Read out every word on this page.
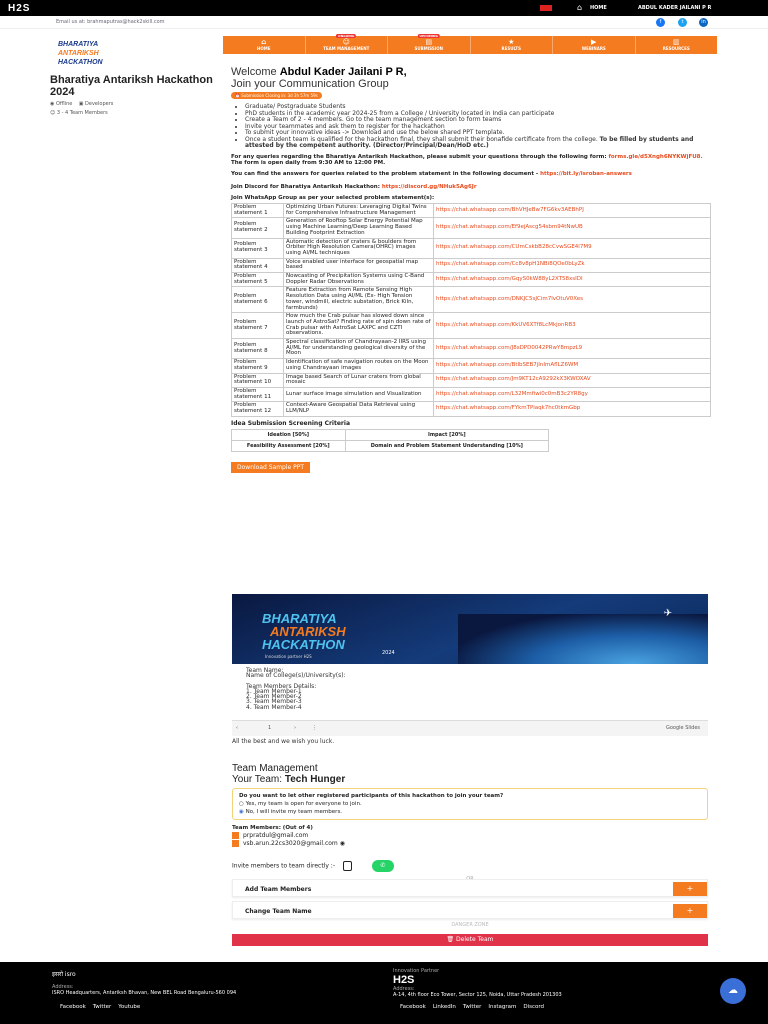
H2S	⌂ HOME	ABDUL KADER JAILANI P R
Email us at: brahmaputras@hack2skill.com	f	t	in
BHARATIYA
ANTARIKSH
HACKATHON
Bharatiya Antariksh Hackathon 2024
◉ Offline    ▣ Developers
☺ 3 - 4 Team Members
⌂
HOME
ONGOING
☺
TEAM MANAGEMENT
UPCOMING
▤
SUBMISSION
★
RESULTS
▶
WEBINARS
▥
RESOURCES
Welcome Abdul Kader Jailani P R,
Join your Communication Group
⏰ Submission Closing in: 3d 3h 57m 59s
• Graduate/ Postgraduate Students
• PhD students in the academic year 2024-25 from a College / University located in India can participate
• Create a Team of 2 - 4 members. Go to the team management section to form teams
• Invite your teammates and ask them to register for the hackathon
• To submit your innovative ideas -> Download and use the below shared PPT template.
• Once a student team is qualified for the hackathon final, they shall submit their bonafide certificate from the college. To be filled by students and attested by the competent authority. (Director/Principal/Dean/HoD etc.)
For any queries regarding the Bharatiya Antariksh Hackathon, please submit your questions through the following form: forms.gle/d5Xngh6NYKWjFU8. The form is open daily from 9:30 AM to 12:00 PM.
You can find the answers for queries related to the problem statement in the following document - https://bit.ly/isroban-answers
Join Discord for Bharatiya Antariksh Hackathon: https://discord.gg/NHuk5Ag6Jr
Join WhatsApp Group as per your selected problem statement(s):
Problem statement 1	Optimizing Urban Futures: Leveraging Digital Twins for Comprehensive Infrastructure Management	https://chat.whatsapp.com/BhVHJeBw7FG6kv3AEBhPJ
Problem statement 2	Generation of Rooftop Solar Energy Potential Map using Machine Learning/Deep Learning Based Building Footprint Extraction	https://chat.whatsapp.com/Ef9ejAscg54sbm94tNwUB
Problem statement 3	Automatic detection of craters & boulders from Orbiter High Resolution Camera(OHRC) images using AI/ML techniques	https://chat.whatsapp.com/CUmCskbB28cCvwSGE4l7M9
Problem statement 4	Voice enabled user interface for geospatial map based	https://chat.whatsapp.com/Cc8v8pH1NBi8QOe0bLyZk
Problem statement 5	Nowcasting of Precipitation Systems using C-Band Doppler Radar Observations	https://chat.whatsapp.com/GqyS0kW88yL2XT58xsIDI
Problem statement 6	Feature Extraction from Remote Sensing High Resolution Data using AI/ML (Ex- High Tension tower, windmill, electric substation, Brick Kiln, farmbunds)	https://chat.whatsapp.com/DNKJC5sJCim7lvOtuV0Xes
Problem statement 7	How much the Crab pulsar has slowed down since launch of AstroSat? Finding rate of spin down rate of Crab pulsar with AstroSat LAXPC and CZTI observations.	https://chat.whatsapp.com/KkUV6XTf8LcMkjonRB3
Problem statement 8	Spectral classification of Chandrayaan-2 IIRS using AI/ML for understanding geological diversity of the Moon	https://chat.whatsapp.com/J8sDPD0042PRwY8mpzL9
Problem statement 9	Identification of safe navigation routes on the Moon using Chandrayaan images	https://chat.whatsapp.com/BtlbSEB7jInImAflLZ6WM
Problem statement 10	Image based Search of Lunar craters from global mosaic	https://chat.whatsapp.com/Jm9KT12cA9292kX3KWOXAV
Problem statement 11	Lunar surface image simulation and Visualization	https://chat.whatsapp.com/L32Mmfiwi0c0mB3c2YR8gy
Problem statement 12	Context-Aware Geospatial Data Retrieval using LLM/NLP	https://chat.whatsapp.com/FYkmTPiaqk7hc0tkmGbp
Idea Submission Screening Criteria
Ideation [50%]	Impact [20%]
Feasibility Assessment [20%]	Domain and Problem Statement Understanding [10%]
Download Sample PPT
BHARATIYA
ANTARIKSH
HACKATHON
2024
✈
Innovation partner H2S
Team Name:
Name of College(s)/University(s):
Team Members Details:
1. Team Member-1
2. Team Member-2
3. Team Member-3
4. Team Member-4
‹	1	›	⋮	Google Slides
All the best and we wish you luck.
Team Management
Your Team: Tech Hunger
Do you want to let other registered participants of this hackathon to join your team?
○ Yes, my team is open for everyone to join.
◉ No, I will invite my team members.
Team Members: (Out of 4)
prpratdul@gmail.com
vsb.arun.22cs3020@gmail.com ◉
Invite members to team directly :-	✆
Add Team Members	+
Change Team Name	+
DANGER ZONE
🗑 Delete Team
इसरो isro
Address:
ISRO Headquarters, Antariksh Bhavan, New BEL Road Bengaluru-560 094
Innovation Partner
H2S
Address:
A-14, 4th floor Eco Tower, Sector 125, Noida, Uttar Pradesh 201303
Facebook Twitter Youtube	Facebook LinkedIn Twitter Instagram Discord
☁
